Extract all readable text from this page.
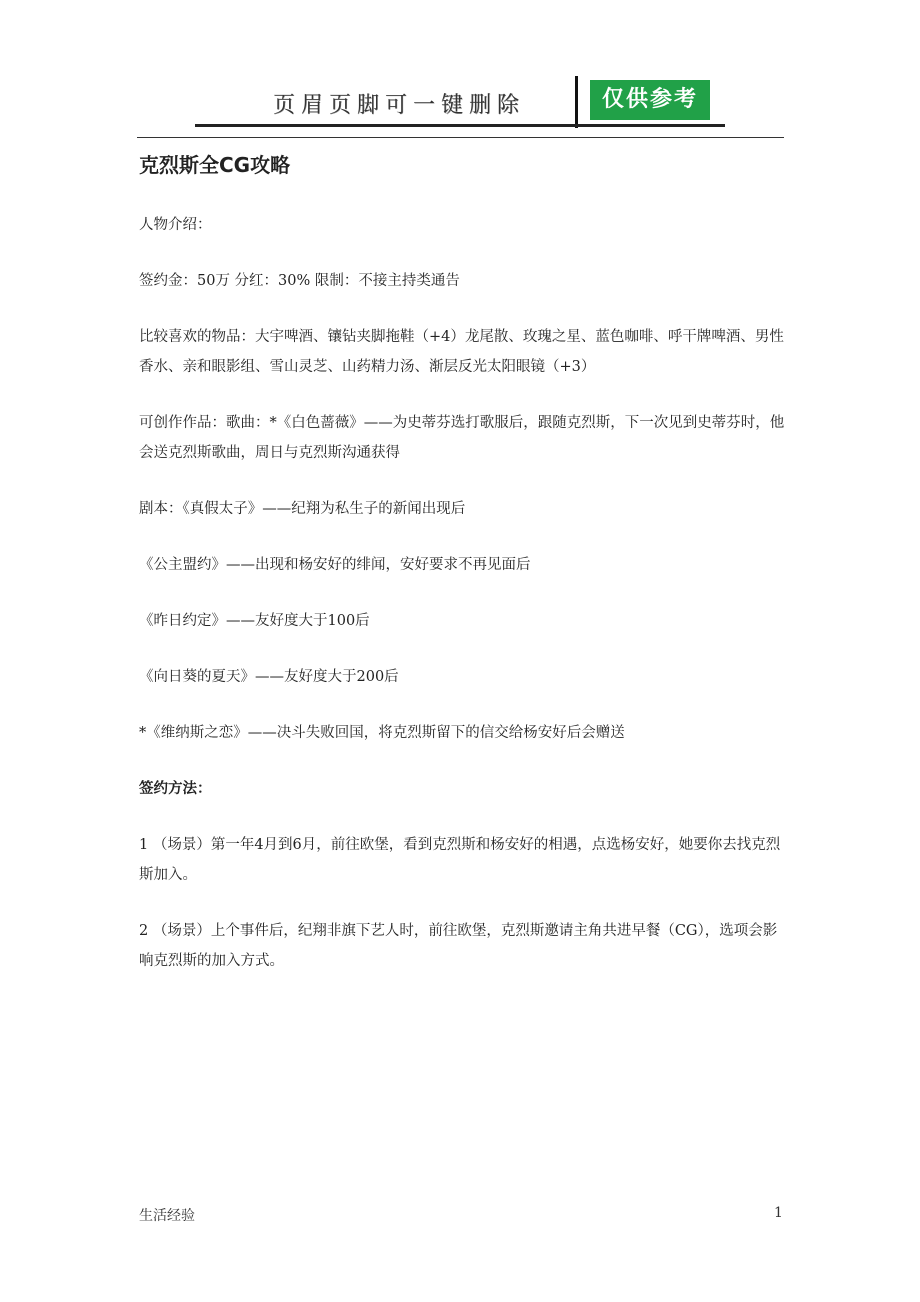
页眉页脚可一键删除	仅供参考
克烈斯全CG攻略

人物介绍：

签约金：50万 分红：30% 限制：不接主持类通告

比较喜欢的物品：大宇啤酒、镶钻夹脚拖鞋（+4）龙尾散、玫瑰之星、蓝色咖啡、呼干牌啤酒、男性香水、亲和眼影组、雪山灵芝、山药精力汤、渐层反光太阳眼镜（+3）

可创作作品：歌曲：*《白色蔷薇》——为史蒂芬选打歌服后，跟随克烈斯，下一次见到史蒂芬时，他会送克烈斯歌曲，周日与克烈斯沟通获得

剧本：《真假太子》——纪翔为私生子的新闻出现后

《公主盟约》——出现和杨安好的绯闻，安好要求不再见面后

《昨日约定》——友好度大于100后

《向日葵的夏天》——友好度大于200后

*《维纳斯之恋》——决斗失败回国，将克烈斯留下的信交给杨安好后会赠送

签约方法：

1 （场景）第一年4月到6月，前往欧堡，看到克烈斯和杨安好的相遇，点选杨安好，她要你去找克烈斯加入。

2 （场景）上个事件后，纪翔非旗下艺人时，前往欧堡，克烈斯邀请主角共进早餐（CG），选项会影响克烈斯的加入方式。

生活经验	1
